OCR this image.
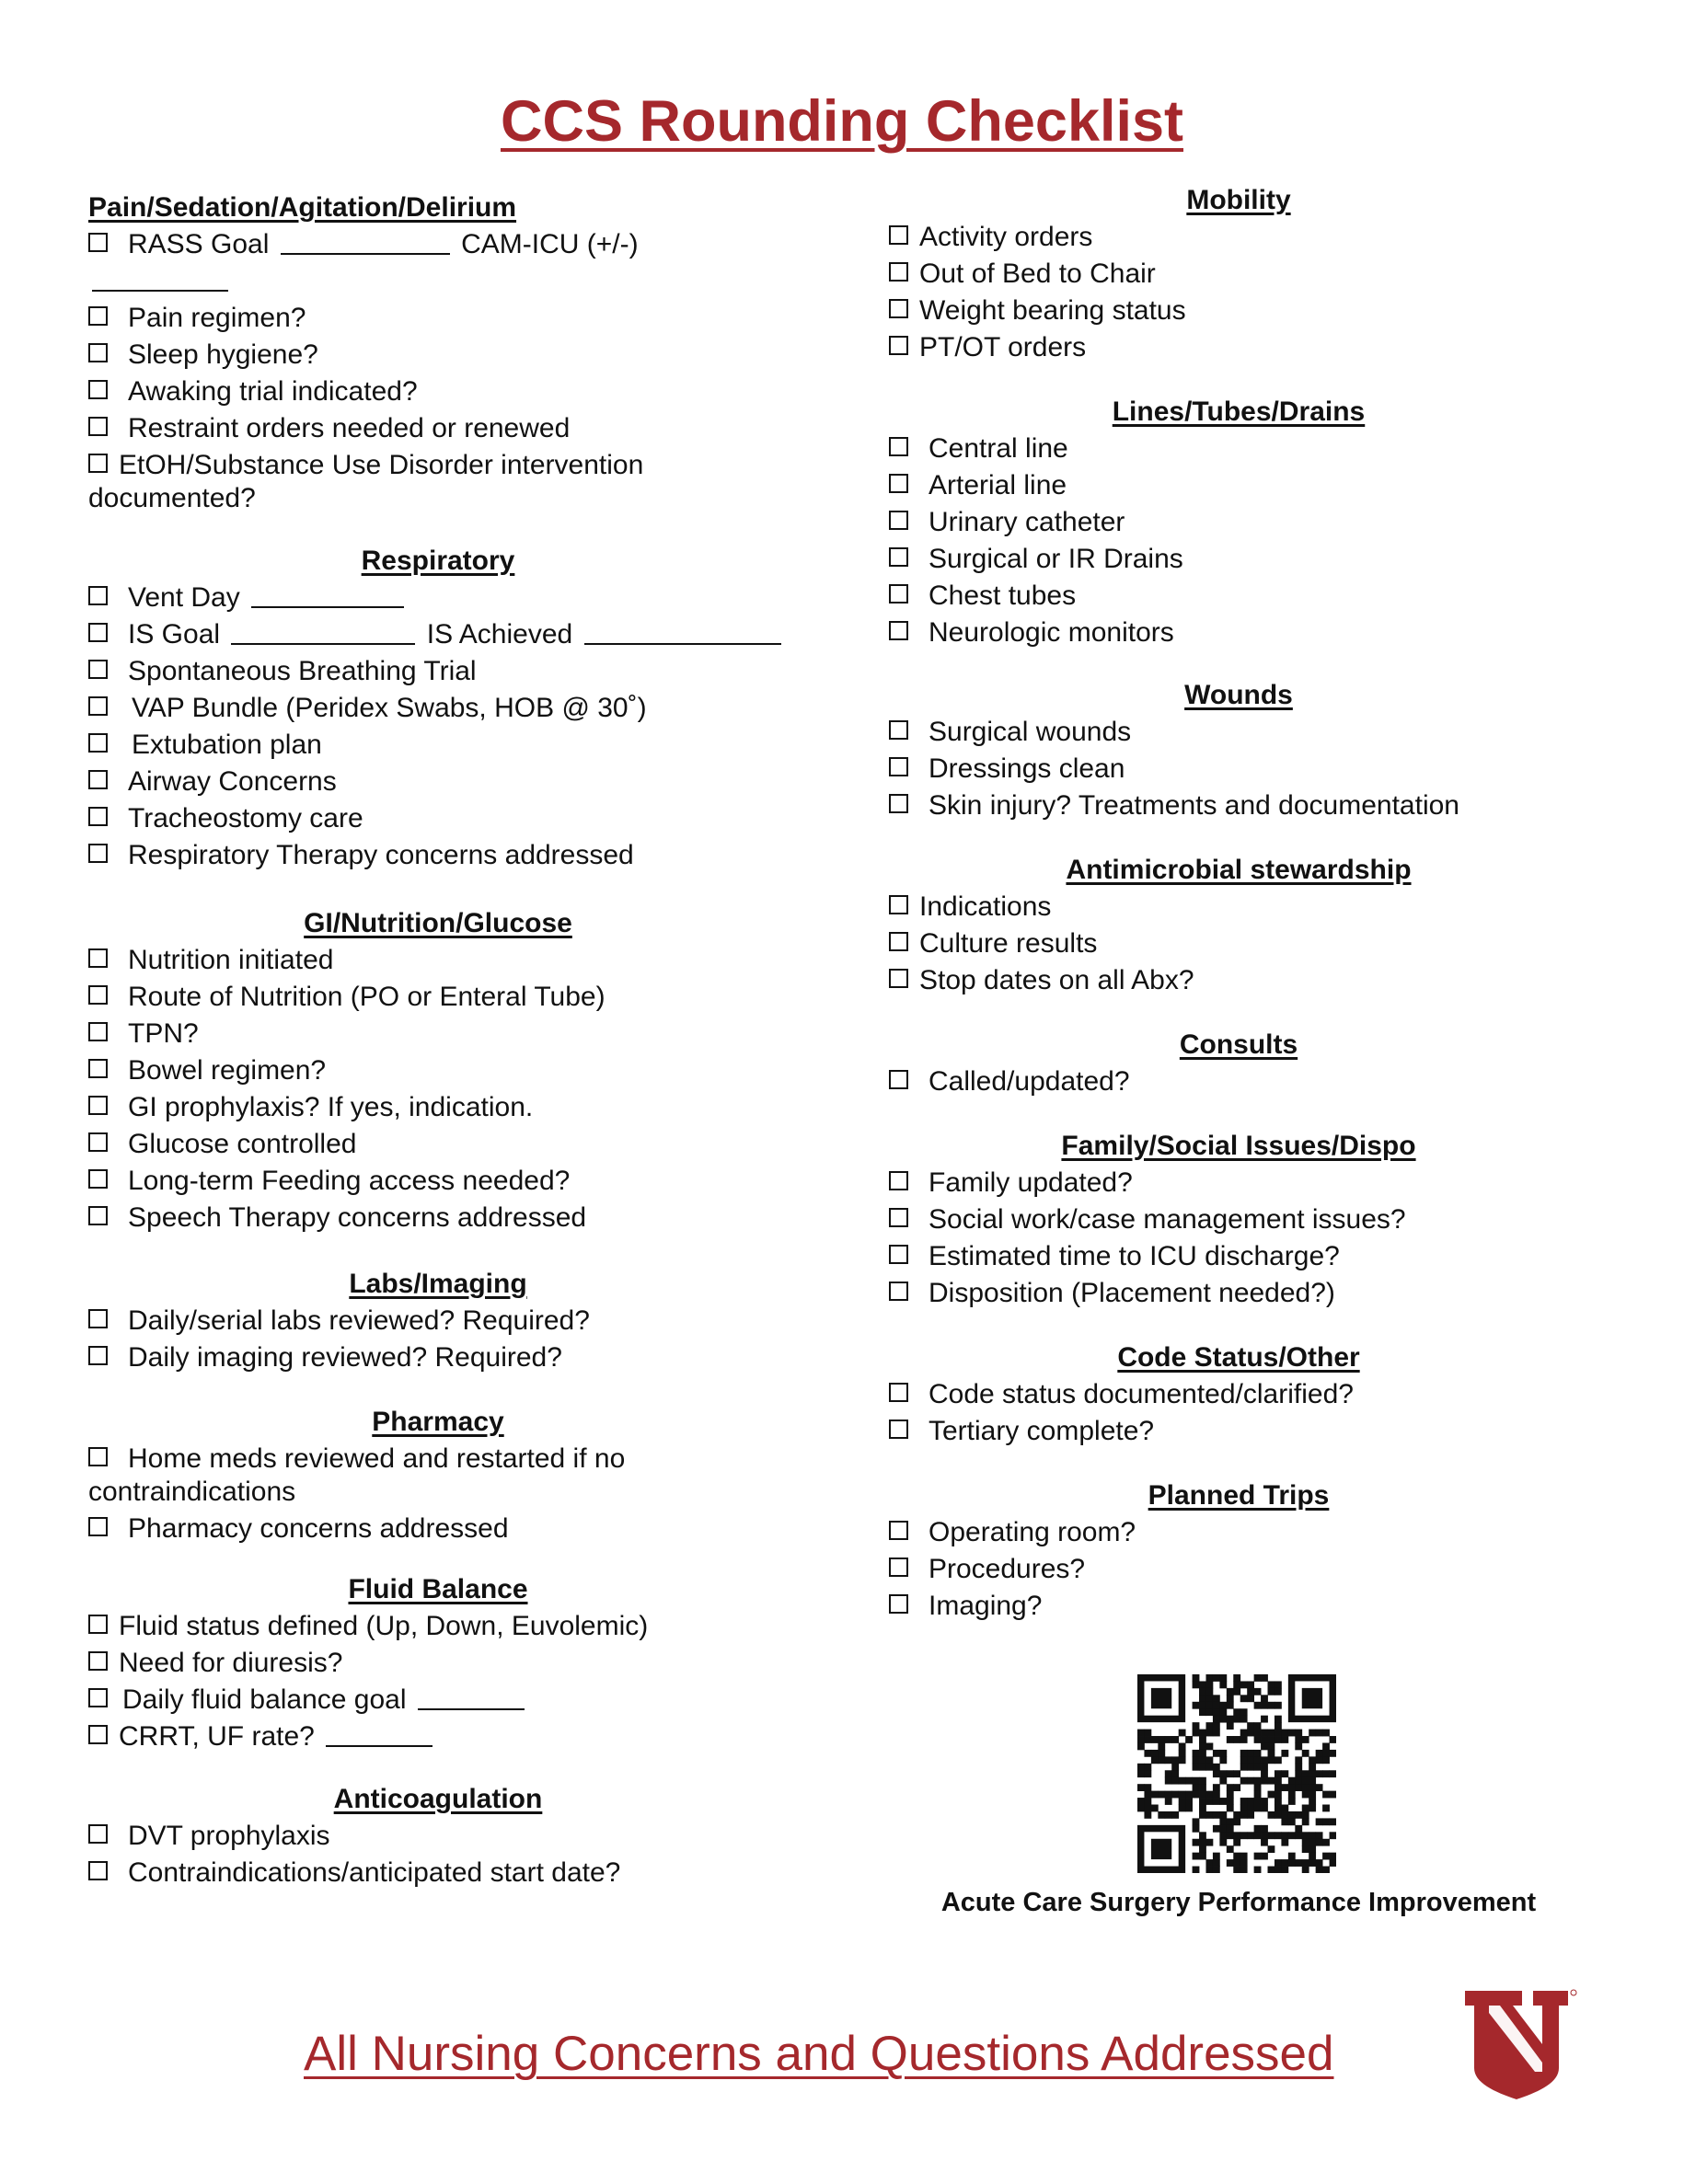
CCS Rounding Checklist
Pain/Sedation/Agitation/Delirium
RASS Goal	CAM-ICU (+/-)
Pain regimen?
Sleep hygiene?
Awaking trial indicated?
Restraint orders needed or renewed
EtOH/Substance Use Disorder intervention documented?
Respiratory
Vent Day
IS Goal	IS Achieved
Spontaneous Breathing Trial
VAP Bundle (Peridex Swabs, HOB @ 30˚)
Extubation plan
Airway Concerns
Tracheostomy care
Respiratory Therapy concerns addressed
GI/Nutrition/Glucose
Nutrition initiated
Route of Nutrition (PO or Enteral Tube)
TPN?
Bowel regimen?
GI prophylaxis? If yes, indication.
Glucose controlled
Long-term Feeding access needed?
Speech Therapy concerns addressed
Labs/Imaging
Daily/serial labs reviewed? Required?
Daily imaging reviewed? Required?
Pharmacy
Home meds reviewed and restarted if no contraindications
Pharmacy concerns addressed
Fluid Balance
Fluid status defined (Up, Down, Euvolemic)
Need for diuresis?
Daily fluid balance goal
CRRT, UF rate?
Anticoagulation
DVT prophylaxis
Contraindications/anticipated start date?
Mobility
Activity orders
Out of Bed to Chair
Weight bearing status
PT/OT orders
Lines/Tubes/Drains
Central line
Arterial line
Urinary catheter
Surgical or IR Drains
Chest tubes
Neurologic monitors
Wounds
Surgical wounds
Dressings clean
Skin injury? Treatments and documentation
Antimicrobial stewardship
Indications
Culture results
Stop dates on all Abx?
Consults
Called/updated?
Family/Social Issues/Dispo
Family updated?
Social work/case management issues?
Estimated time to ICU discharge?
Disposition (Placement needed?)
Code Status/Other
Code status documented/clarified?
Tertiary complete?
Planned Trips
Operating room?
Procedures?
Imaging?
Acute Care Surgery Performance Improvement
All Nursing Concerns and Questions Addressed
